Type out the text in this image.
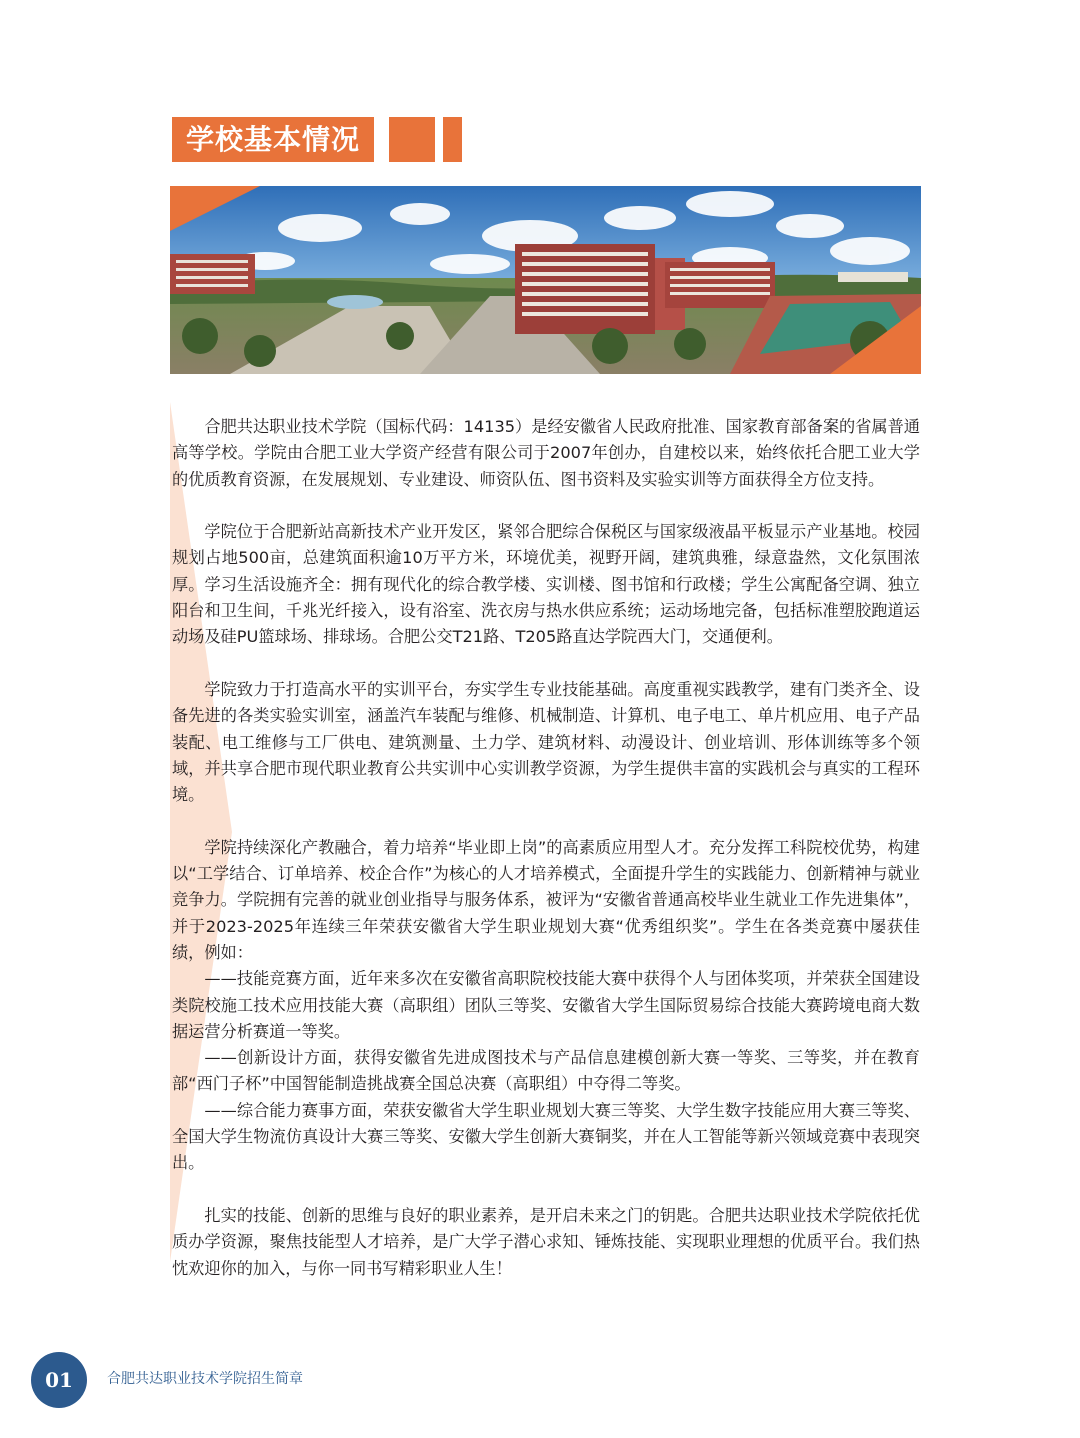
学校基本情况

合肥共达职业技术学院（国标代码：14135）是经安徽省人民政府批准、国家教育部备案的省属普通高等学校。学院由合肥工业大学资产经营有限公司于2007年创办，自建校以来，始终依托合肥工业大学的优质教育资源，在发展规划、专业建设、师资队伍、图书资料及实验实训等方面获得全方位支持。

学院位于合肥新站高新技术产业开发区，紧邻合肥综合保税区与国家级液晶平板显示产业基地。校园规划占地500亩，总建筑面积逾10万平方米，环境优美，视野开阔，建筑典雅，绿意盎然，文化氛围浓厚。学习生活设施齐全：拥有现代化的综合教学楼、实训楼、图书馆和行政楼；学生公寓配备空调、独立阳台和卫生间，千兆光纤接入，设有浴室、洗衣房与热水供应系统；运动场地完备，包括标准塑胶跑道运动场及硅PU篮球场、排球场。合肥公交T21路、T205路直达学院西大门，交通便利。

学院致力于打造高水平的实训平台，夯实学生专业技能基础。高度重视实践教学，建有门类齐全、设备先进的各类实验实训室，涵盖汽车装配与维修、机械制造、计算机、电子电工、单片机应用、电子产品装配、电工维修与工厂供电、建筑测量、土力学、建筑材料、动漫设计、创业培训、形体训练等多个领域，并共享合肥市现代职业教育公共实训中心实训教学资源，为学生提供丰富的实践机会与真实的工程环境。

学院持续深化产教融合，着力培养“毕业即上岗”的高素质应用型人才。充分发挥工科院校优势，构建以“工学结合、订单培养、校企合作”为核心的人才培养模式，全面提升学生的实践能力、创新精神与就业竞争力。学院拥有完善的就业创业指导与服务体系，被评为“安徽省普通高校毕业生就业工作先进集体”，并于2023-2025年连续三年荣获安徽省大学生职业规划大赛“优秀组织奖”。学生在各类竞赛中屡获佳绩，例如：

——技能竞赛方面，近年来多次在安徽省高职院校技能大赛中获得个人与团体奖项，并荣获全国建设类院校施工技术应用技能大赛（高职组）团队三等奖、安徽省大学生国际贸易综合技能大赛跨境电商大数据运营分析赛道一等奖。

——创新设计方面，获得安徽省先进成图技术与产品信息建模创新大赛一等奖、三等奖，并在教育部“西门子杯”中国智能制造挑战赛全国总决赛（高职组）中夺得二等奖。

——综合能力赛事方面，荣获安徽省大学生职业规划大赛三等奖、大学生数字技能应用大赛三等奖、全国大学生物流仿真设计大赛三等奖、安徽大学生创新大赛铜奖，并在人工智能等新兴领域竞赛中表现突出。

扎实的技能、创新的思维与良好的职业素养，是开启未来之门的钥匙。合肥共达职业技术学院依托优质办学资源，聚焦技能型人才培养，是广大学子潜心求知、锤炼技能、实现职业理想的优质平台。我们热忱欢迎你的加入，与你一同书写精彩职业人生！

01	合肥共达职业技术学院招生简章
